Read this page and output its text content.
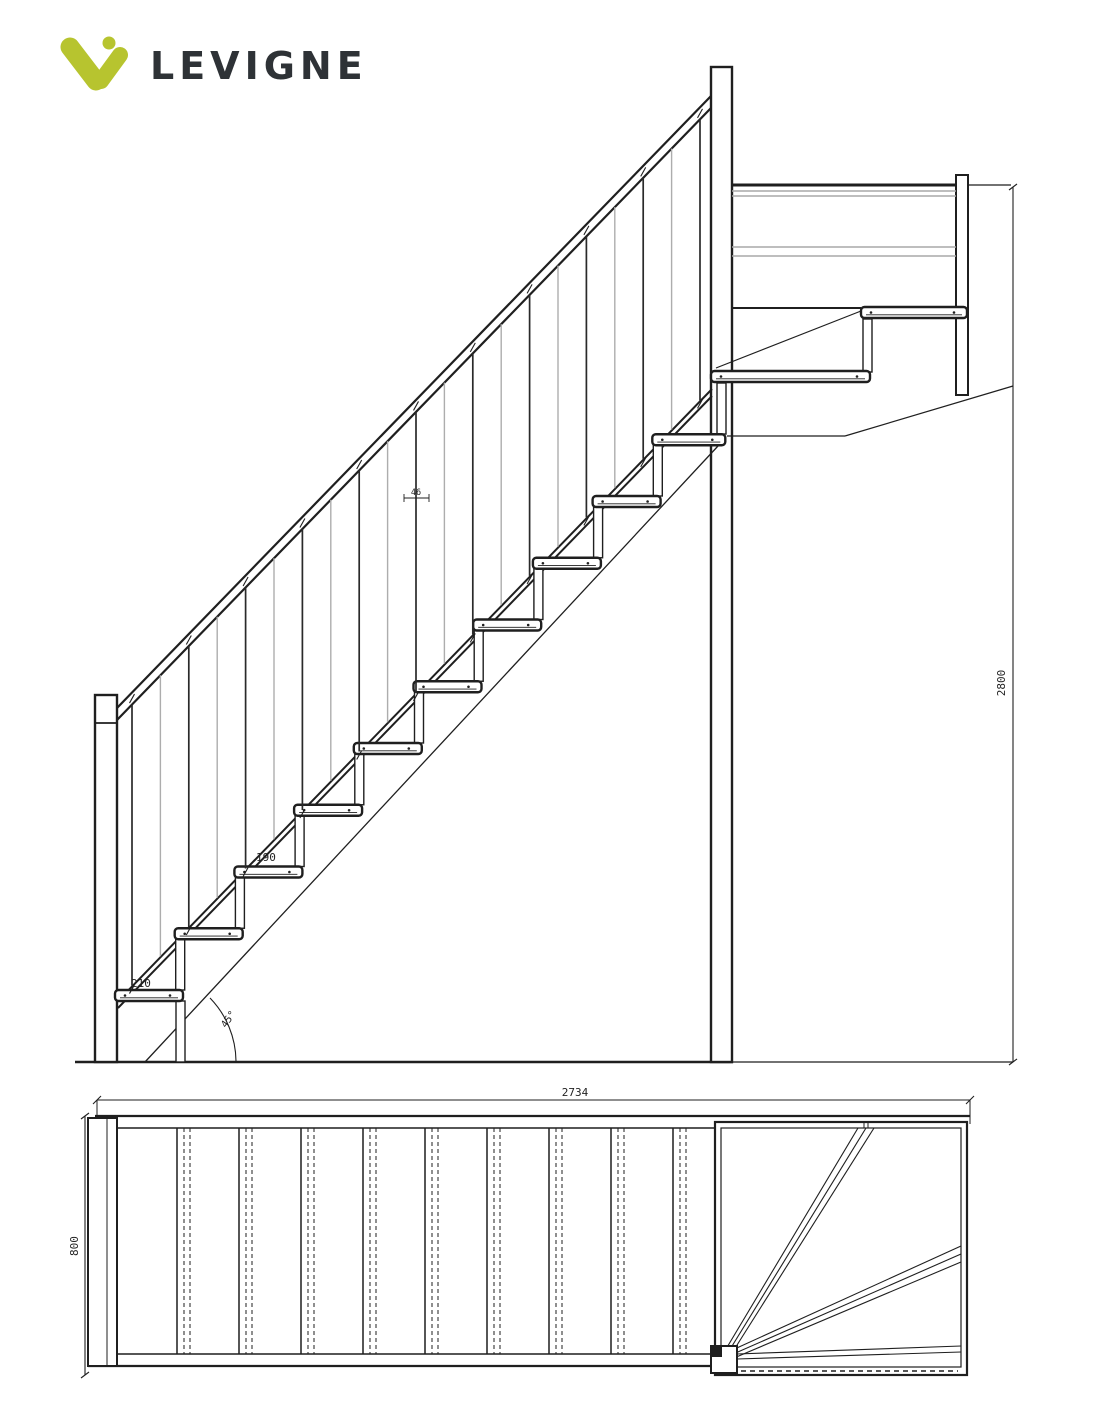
LEVIGNE
2800
210
190
45°
46
2734
800
